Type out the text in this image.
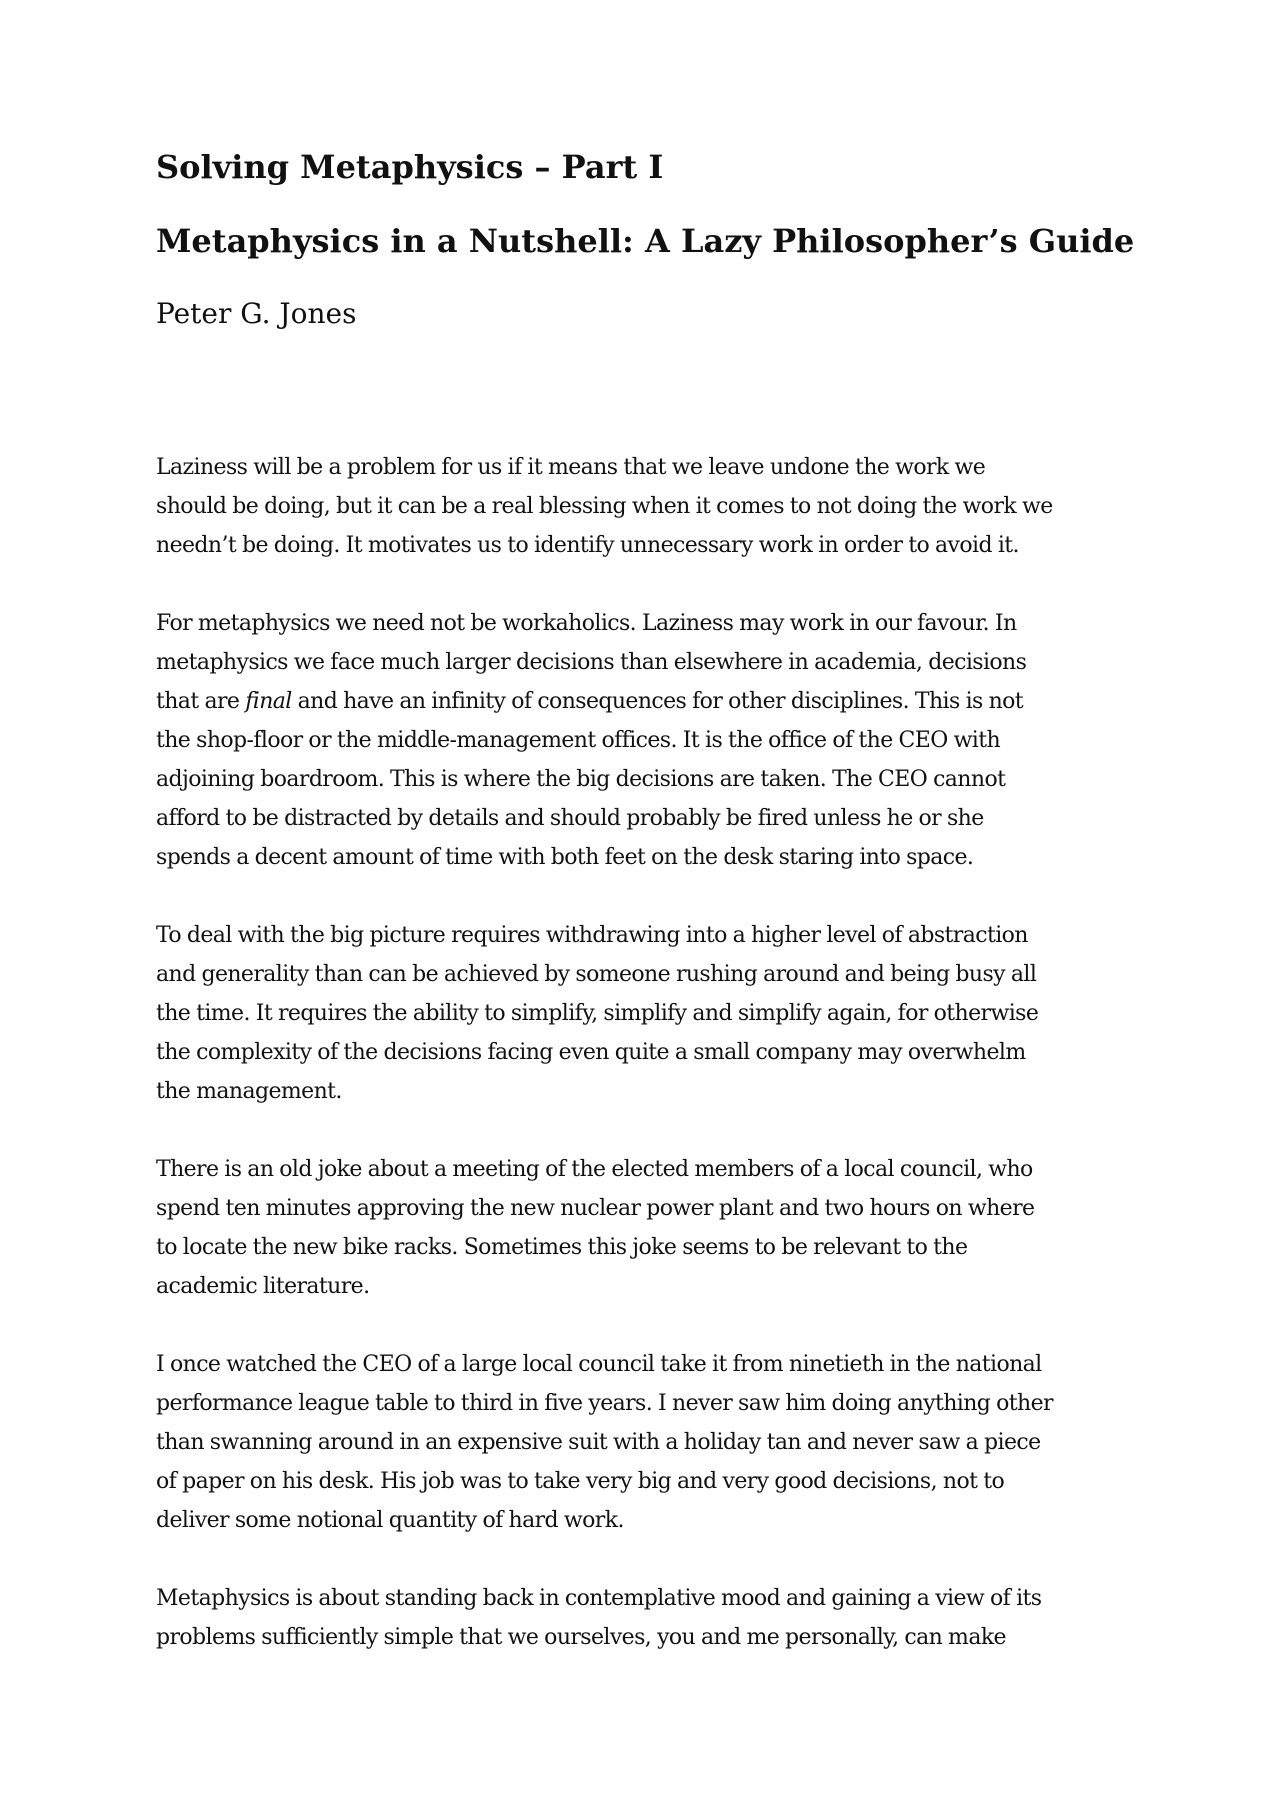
Solving Metaphysics – Part I
Metaphysics in a Nutshell: A Lazy Philosopher’s Guide
Peter G. Jones

Laziness will be a problem for us if it means that we leave undone the work we
should be doing, but it can be a real blessing when it comes to not doing the work we
needn’t be doing. It motivates us to identify unnecessary work in order to avoid it.

For metaphysics we need not be workaholics. Laziness may work in our favour. In
metaphysics we face much larger decisions than elsewhere in academia, decisions
that are final and have an infinity of consequences for other disciplines. This is not
the shop-floor or the middle-management offices. It is the office of the CEO with
adjoining boardroom. This is where the big decisions are taken. The CEO cannot
afford to be distracted by details and should probably be fired unless he or she
spends a decent amount of time with both feet on the desk staring into space.

To deal with the big picture requires withdrawing into a higher level of abstraction
and generality than can be achieved by someone rushing around and being busy all
the time. It requires the ability to simplify, simplify and simplify again, for otherwise
the complexity of the decisions facing even quite a small company may overwhelm
the management.

There is an old joke about a meeting of the elected members of a local council, who
spend ten minutes approving the new nuclear power plant and two hours on where
to locate the new bike racks. Sometimes this joke seems to be relevant to the
academic literature.

I once watched the CEO of a large local council take it from ninetieth in the national
performance league table to third in five years. I never saw him doing anything other
than swanning around in an expensive suit with a holiday tan and never saw a piece
of paper on his desk. His job was to take very big and very good decisions, not to
deliver some notional quantity of hard work.

Metaphysics is about standing back in contemplative mood and gaining a view of its
problems sufficiently simple that we ourselves, you and me personally, can make
